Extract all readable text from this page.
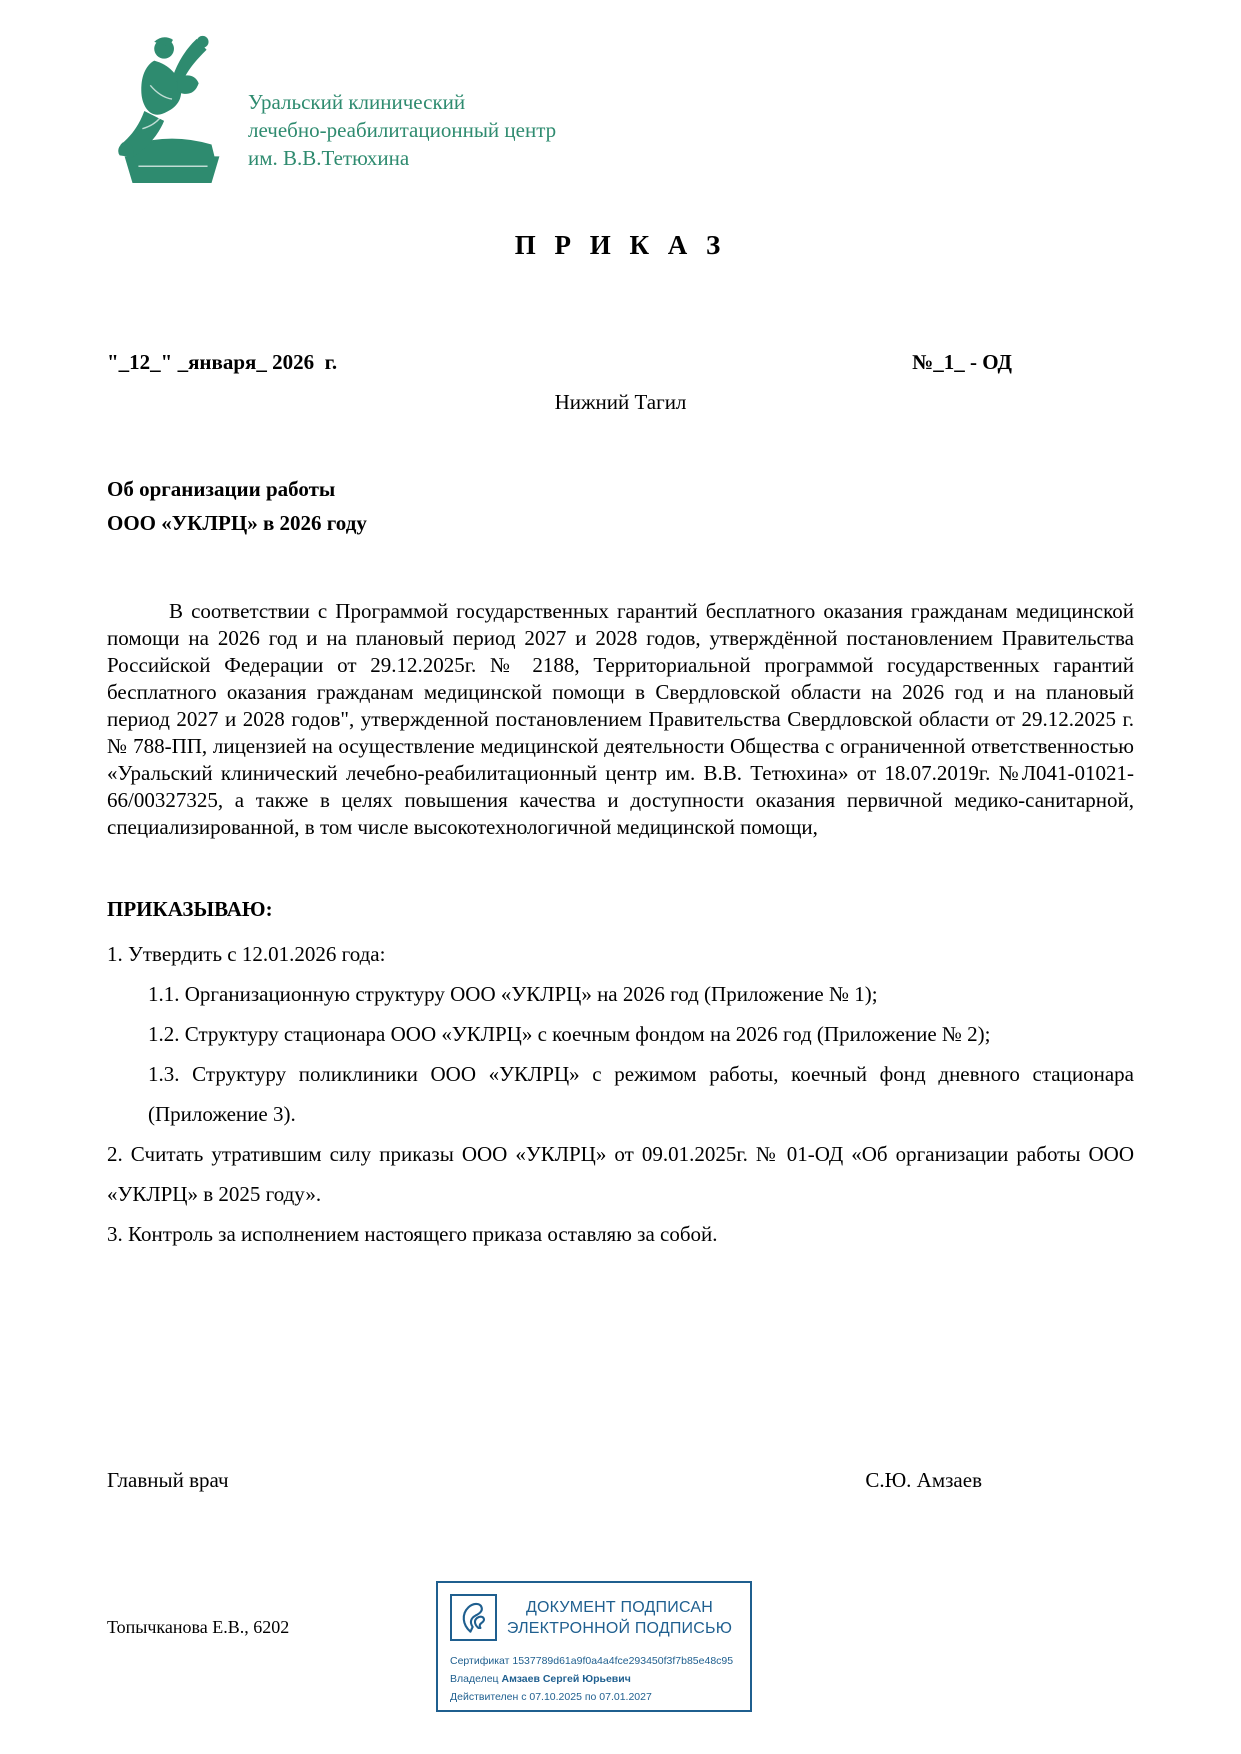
Уральский клинический
лечебно-реабилитационный центр
им. В.В.Тетюхина
П Р И К А З
"_12_" _января_ 2026  г.	№_1_ - ОД
Нижний Тагил
Об организации работы
ООО «УКЛРЦ» в 2026 году
В соответствии с Программой государственных гарантий бесплатного оказания гражданам медицинской помощи на 2026 год и на плановый период 2027 и 2028 годов, утверждённой постановлением Правительства Российской Федерации от 29.12.2025г. № 2188, Территориальной программой государственных гарантий бесплатного оказания гражданам медицинской помощи в Свердловской области на 2026 год и на плановый период 2027 и 2028 годов", утвержденной постановлением Правительства Свердловской области от 29.12.2025 г. № 788-ПП, лицензией на осуществление медицинской деятельности Общества с ограниченной ответственностью «Уральский клинический лечебно-реабилитационный центр им. В.В. Тетюхина» от 18.07.2019г. №Л041-01021-66/00327325, а также в целях повышения качества и доступности оказания первичной медико-санитарной, специализированной, в том числе высокотехнологичной медицинской помощи,
ПРИКАЗЫВАЮ:
1. Утвердить с 12.01.2026 года:
1.1. Организационную структуру ООО «УКЛРЦ» на 2026 год (Приложение № 1);
1.2. Структуру стационара ООО «УКЛРЦ» с коечным фондом на 2026 год (Приложение № 2);
1.3. Структуру поликлиники ООО «УКЛРЦ» с режимом работы, коечный фонд дневного стационара (Приложение 3).
2. Считать утратившим силу приказы ООО «УКЛРЦ» от 09.01.2025г. № 01-ОД «Об организации работы ООО «УКЛРЦ» в 2025 году».
3. Контроль за исполнением настоящего приказа оставляю за собой.
Главный врач	С.Ю. Амзаев
Топычканова Е.В., 6202
ДОКУМЕНТ ПОДПИСАН
ЭЛЕКТРОННОЙ ПОДПИСЬЮ
Сертификат 1537789d61a9f0a4a4fce293450f3f7b85e48c95
Владелец Амзаев Сергей Юрьевич
Действителен с 07.10.2025 по 07.01.2027
